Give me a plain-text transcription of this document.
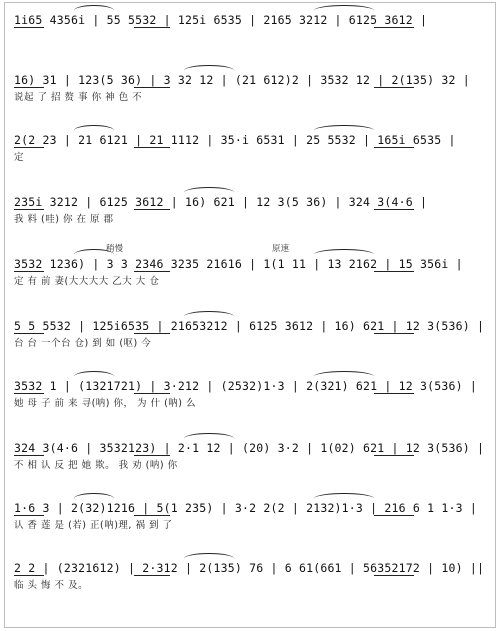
1i65 4356i | 55 5532 | 125i 6535 | 2165 3212 | 6125 3612 |
16) 31 | 123(5 36) | 3 32 12 | (21 612)2 | 3532 12 | 2(135) 32 |
说起 了 招 赘 事 你 神 色 不
2(2 23 | 21 6121 | 21 1112 | 35·i 6531 | 25 5532 | 165i 6535 |
定
235i 3212 | 6125 3612 | 16) 621 | 12 3(5 36) | 324 3(4·6 |
我 料 (哇) 你 在 原 郡
3532 1236) | 3 3 2346 3235 21616 | 1(1 11 | 13 2162 | 15 356i |
定 有 前 妻(大大大大 乙大 大 仓
稍慢	原速
5 5 5532 | 125i6535 | 21653212 | 6125 3612 | 16) 621 | 12 3(536) |
台 台 一个台 仓) 到 如 (呕) 今
3532 1 | (1321721) | 3·212 | (2532)1·3 | 2(321) 621 | 12 3(536) |
她 母 子 前 来 寻(呐) 你， 为 什 (呐) 么
324 3(4·6 | 3532123) | 2·1 12 | (20) 3·2 | 1(02) 621 | 12 3(536) |
不 相 认 反 把 她 欺。 我 劝 (呐) 你
1·6 3 | 2(32)1216 | 5(1 235) | 3·2 2(2 | 2132)1·3 | 216 6 1 1·3 |
认 香 莲 是 (若) 正(呐)理, 祸 到 了
2 2 | (2321612) | 2·312 | 2(135) 76 | 6 61(661 | 56352172 | 10) ||
临 头 悔 不 及。
